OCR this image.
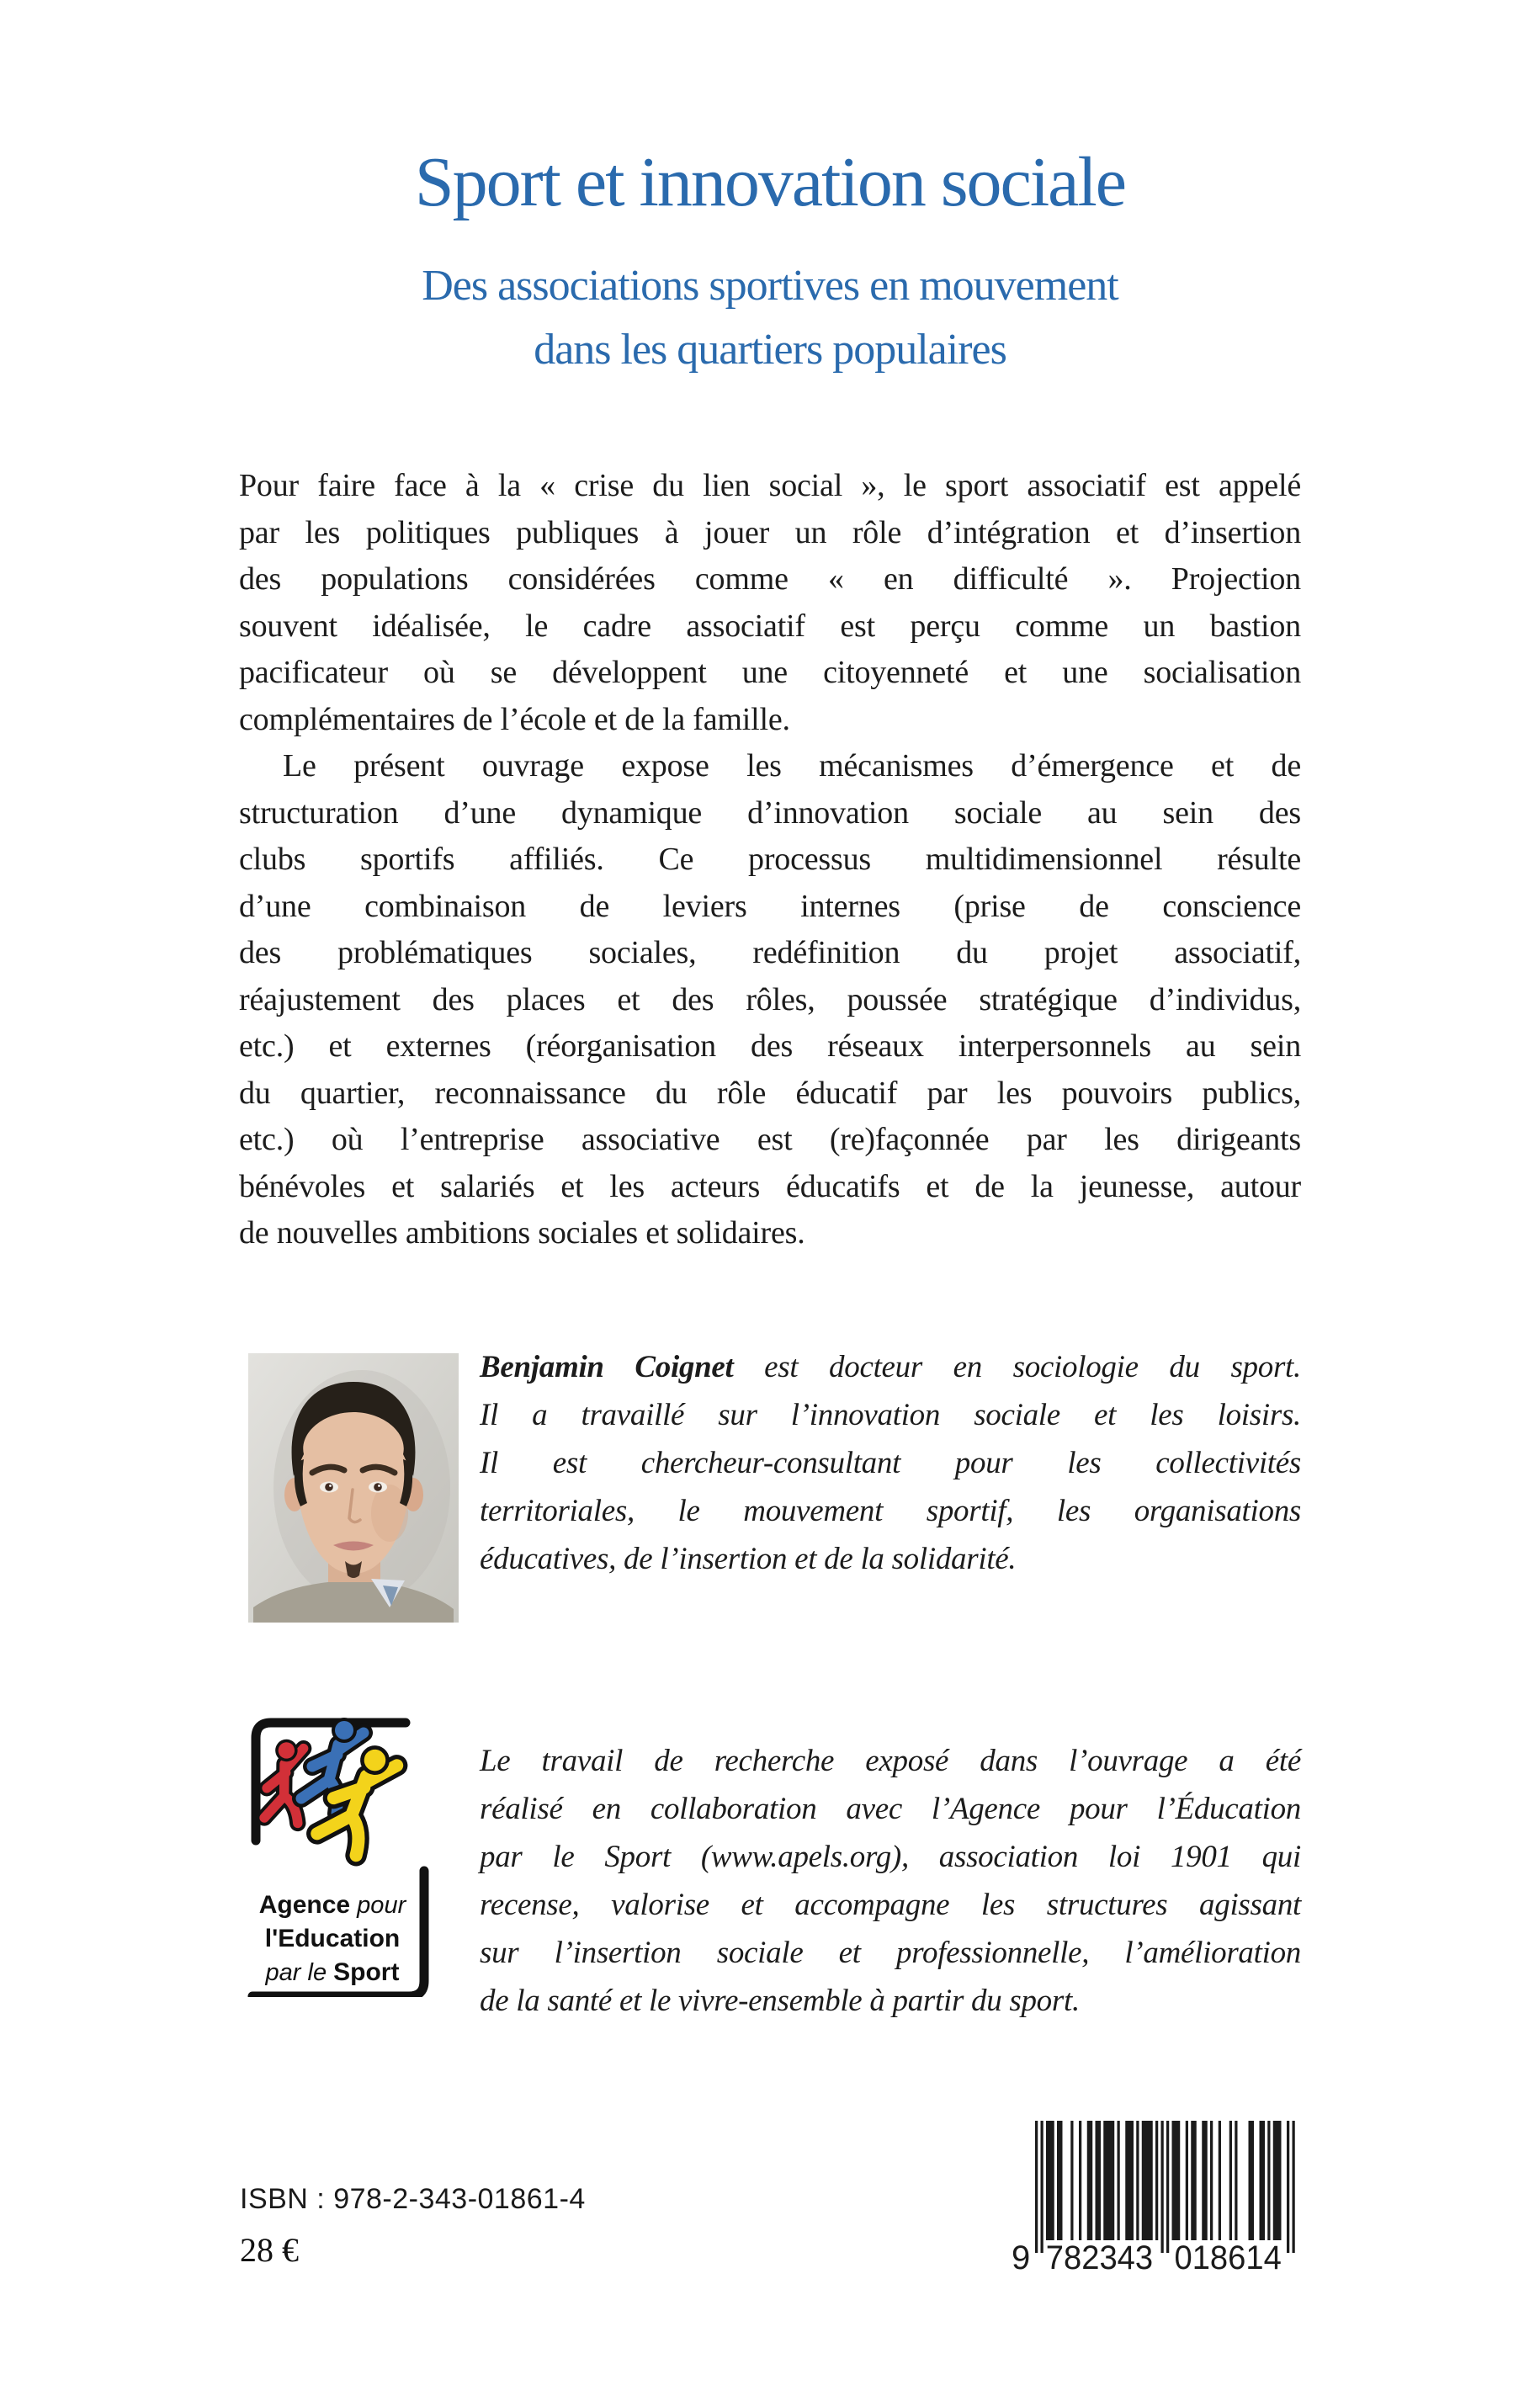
Sport et innovation sociale
Des associations sportives en mouvement
dans les quartiers populaires
Pour faire face à la « crise du lien social », le sport associatif est appelé
par les politiques publiques à jouer un rôle d’intégration et d’insertion
des populations considérées comme « en difficulté ». Projection
souvent idéalisée, le cadre associatif est perçu comme un bastion
pacificateur où se développent une citoyenneté et une socialisation
complémentaires de l’école et de la famille.
Le présent ouvrage expose les mécanismes d’émergence et de
structuration d’une dynamique d’innovation sociale au sein des
clubs sportifs affiliés. Ce processus multidimensionnel résulte
d’une combinaison de leviers internes (prise de conscience
des problématiques sociales, redéfinition du projet associatif,
réajustement des places et des rôles, poussée stratégique d’individus,
etc.) et externes (réorganisation des réseaux interpersonnels au sein
du quartier, reconnaissance du rôle éducatif par les pouvoirs publics,
etc.) où l’entreprise associative est (re)façonnée par les dirigeants
bénévoles et salariés et les acteurs éducatifs et de la jeunesse, autour
de nouvelles ambitions sociales et solidaires.
Benjamin Coignet est docteur en sociologie du sport.
Il a travaillé sur l’innovation sociale et les loisirs.
Il est chercheur-consultant pour les collectivités
territoriales, le mouvement sportif, les organisations
éducatives, de l’insertion et de la solidarité.
Agence pour
l'Education
par le Sport
Le travail de recherche exposé dans l’ouvrage a été
réalisé en collaboration avec l’Agence pour l’Éducation
par le Sport (www.apels.org), association loi 1901 qui
recense, valorise et accompagne les structures agissant
sur l’insertion sociale et professionnelle, l’amélioration
de la santé et le vivre-ensemble à partir du sport.
ISBN : 978-2-343-01861-4
28 €	9 782343 018614
